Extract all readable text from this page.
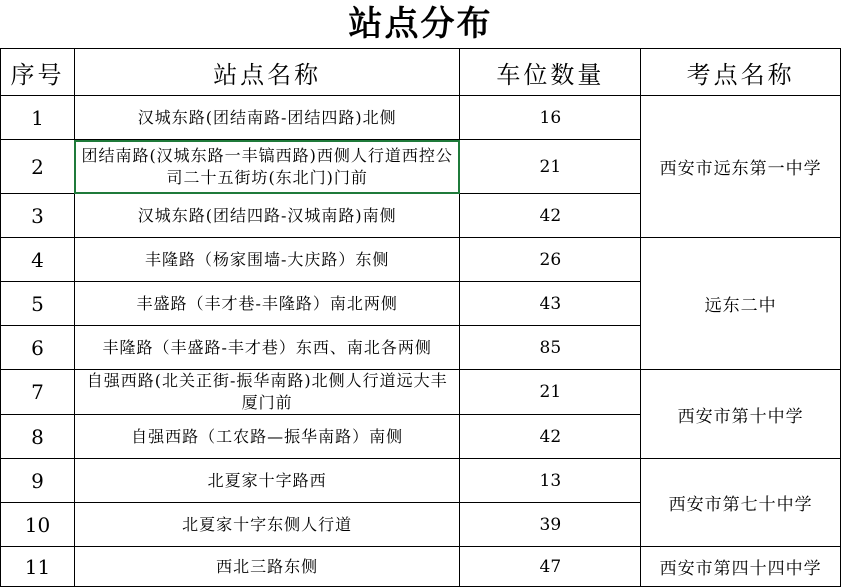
站点分布
序号	站点名称	车位数量	考点名称
1	汉城东路(团结南路-团结四路)北侧	16	西安市远东第一中学
2	团结南路(汉城东路一丰镐西路)西侧人行道西控公司二十五街坊(东北门)门前	21	
3	汉城东路(团结四路-汉城南路)南侧	42	
4	丰隆路（杨家围墙-大庆路）东侧	26	远东二中
5	丰盛路（丰才巷-丰隆路）南北两侧	43	
6	丰隆路（丰盛路-丰才巷）东西、南北各两侧	85	
7	自强西路(北关正街-振华南路)北侧人行道远大丰厦门前	21	西安市第十中学
8	自强西路（工农路—振华南路）南侧	42	
9	北夏家十字路西	13	西安市第七十中学
10	北夏家十字东侧人行道	39	
11	西北三路东侧	47	西安市第四十四中学
